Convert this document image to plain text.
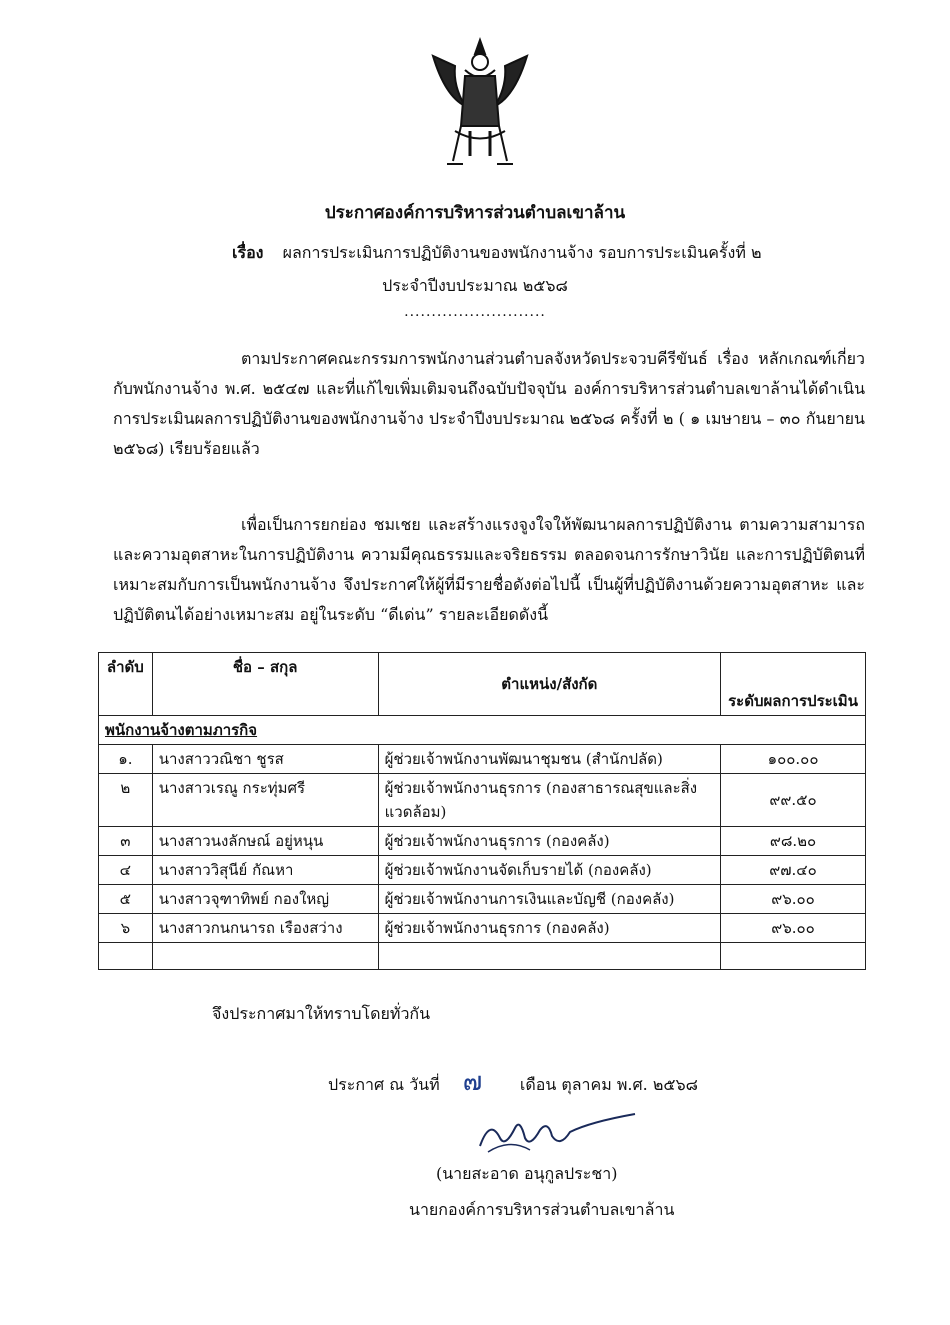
ประกาศองค์การบริหารส่วนตำบลเขาล้าน
เรื่อง ผลการประเมินการปฏิบัติงานของพนักงานจ้าง รอบการประเมินครั้งที่ ๒
ประจำปีงบประมาณ ๒๕๖๘
..........................
ตามประกาศคณะกรรมการพนักงานส่วนตำบลจังหวัดประจวบคีรีขันธ์ เรื่อง หลักเกณฑ์เกี่ยวกับพนักงานจ้าง พ.ศ. ๒๕๔๗ และที่แก้ไขเพิ่มเติมจนถึงฉบับปัจจุบัน องค์การบริหารส่วนตำบลเขาล้านได้ดำเนินการประเมินผลการปฏิบัติงานของพนักงานจ้าง ประจำปีงบประมาณ ๒๕๖๘ ครั้งที่ ๒ ( ๑ เมษายน – ๓๐ กันยายน ๒๕๖๘) เรียบร้อยแล้ว
เพื่อเป็นการยกย่อง ชมเชย และสร้างแรงจูงใจให้พัฒนาผลการปฏิบัติงาน ตามความสามารถ และความอุตสาหะในการปฏิบัติงาน ความมีคุณธรรมและจริยธรรม ตลอดจนการรักษาวินัย และการปฏิบัติตนที่เหมาะสมกับการเป็นพนักงานจ้าง จึงประกาศให้ผู้ที่มีรายชื่อดังต่อไปนี้ เป็นผู้ที่ปฏิบัติงานด้วยความอุตสาหะ และปฏิบัติตนได้อย่างเหมาะสม อยู่ในระดับ “ดีเด่น” รายละเอียดดังนี้
ลำดับ	ชื่อ – สกุล	ตำแหน่ง/สังกัด	ระดับผลการประเมิน
พนักงานจ้างตามภารกิจ			
๑.	นางสาววณิชา ชูรส	ผู้ช่วยเจ้าพนักงานพัฒนาชุมชน (สำนักปลัด)	๑๐๐.๐๐
๒	นางสาวเรณู กระทุ่มศรี	ผู้ช่วยเจ้าพนักงานธุรการ (กองสาธารณสุขและสิ่งแวดล้อม)	๙๙.๕๐
๓	นางสาวนงลักษณ์ อยู่หนุน	ผู้ช่วยเจ้าพนักงานธุรการ (กองคลัง)	๙๘.๒๐
๔	นางสาววิสุนีย์ กัณหา	ผู้ช่วยเจ้าพนักงานจัดเก็บรายได้ (กองคลัง)	๙๗.๔๐
๕	นางสาวจุฑาทิพย์ กองใหญ่	ผู้ช่วยเจ้าพนักงานการเงินและบัญชี (กองคลัง)	๙๖.๐๐
๖	นางสาวกนกนารถ เรืองสว่าง	ผู้ช่วยเจ้าพนักงานธุรการ (กองคลัง)	๙๖.๐๐

จึงประกาศมาให้ทราบโดยทั่วกัน
ประกาศ ณ วันที่ ๗ เดือน ตุลาคม พ.ศ. ๒๕๖๘
(นายสะอาด อนุกูลประชา)
นายกองค์การบริหารส่วนตำบลเขาล้าน
